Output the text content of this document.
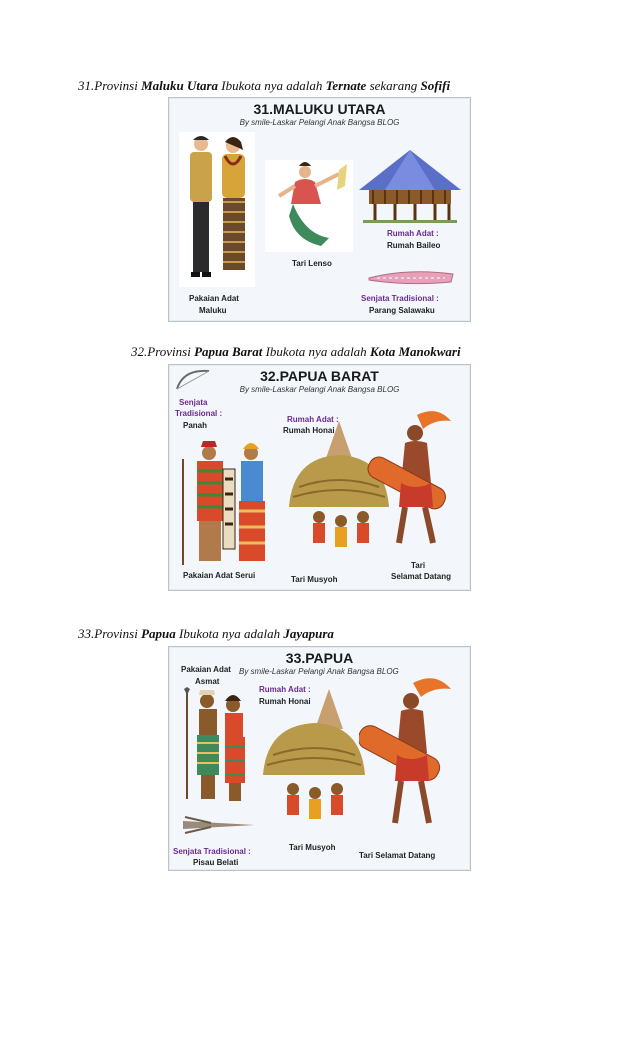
31.Provinsi Maluku Utara Ibukota nya adalah Ternate sekarang Sofifi
31.MALUKU UTARA
By smile-Laskar Pelangi Anak Bangsa BLOG
Pakaian Adat
Maluku
Tari Lenso
Rumah Adat :
Rumah Baileo
Senjata Tradisional :
Parang Salawaku
32.Provinsi Papua Barat Ibukota nya adalah Kota Manokwari
32.PAPUA BARAT
By smile-Laskar Pelangi Anak Bangsa BLOG
Senjata
Tradisional :
Panah
Rumah Adat :
Rumah Honai
Pakaian Adat Serui	Tari Musyoh
Tari
Selamat Datang
33.Provinsi Papua Ibukota nya adalah Jayapura
33.PAPUA
By smile-Laskar Pelangi Anak Bangsa BLOG
Pakaian Adat
Asmat
Rumah Adat :
Rumah Honai
Senjata Tradisional :
Pisau Belati
Tari Musyoh
Tari Selamat Datang
